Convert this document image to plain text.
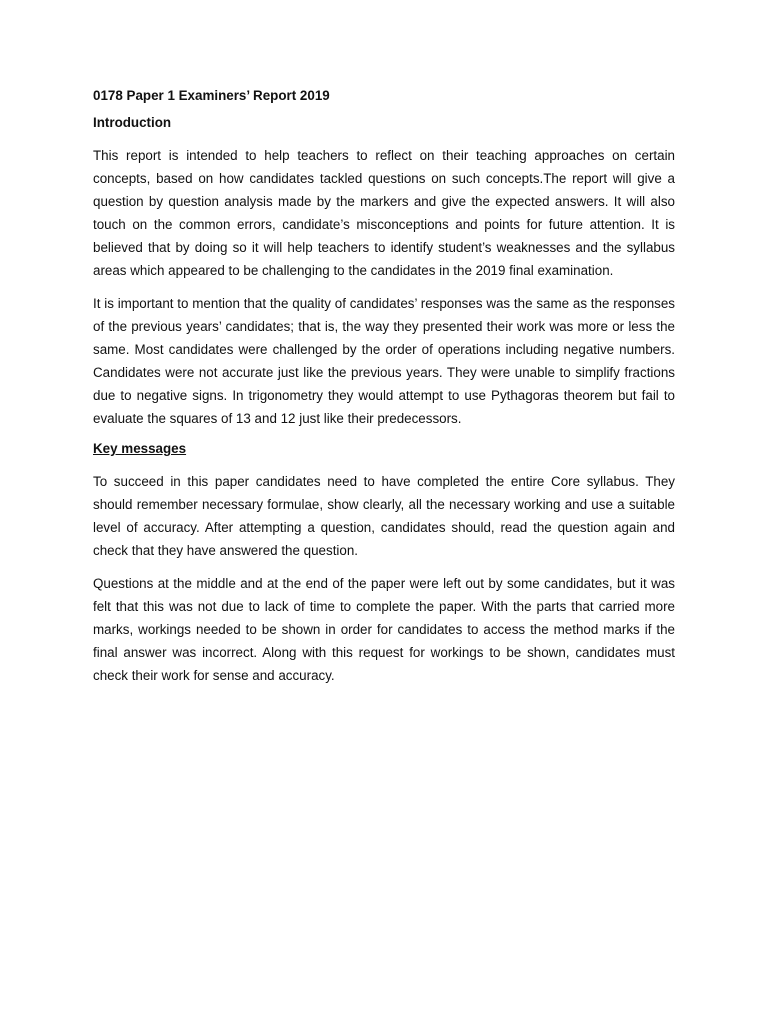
0178 Paper 1 Examiners’ Report 2019
Introduction

This report is intended to help teachers to reflect on their teaching approaches on certain concepts, based on how candidates tackled questions on such concepts.The report will give a question by question analysis made by the markers and give the expected answers. It will also touch on the common errors, candidate’s misconceptions and points for future attention. It is believed that by doing so it will help teachers to identify student’s weaknesses and the syllabus areas which appeared to be challenging to the candidates in the 2019 final examination.

It is important to mention that the quality of candidates’ responses was the same as the responses of the previous years’ candidates; that is, the way they presented their work was more or less the same. Most candidates were challenged by the order of operations including negative numbers. Candidates were not accurate just like the previous years. They were unable to simplify fractions due to negative signs. In trigonometry they would attempt to use Pythagoras theorem but fail to evaluate the squares of 13 and 12 just like their predecessors.

Key messages

To succeed in this paper candidates need to have completed the entire Core syllabus. They should remember necessary formulae, show clearly, all the necessary working and use a suitable level of accuracy. After attempting a question, candidates should, read the question again and check that they have answered the question.

Questions at the middle and at the end of the paper were left out by some candidates, but it was felt that this was not due to lack of time to complete the paper. With the parts that carried more marks, workings needed to be shown in order for candidates to access the method marks if the final answer was incorrect. Along with this request for workings to be shown, candidates must check their work for sense and accuracy.
